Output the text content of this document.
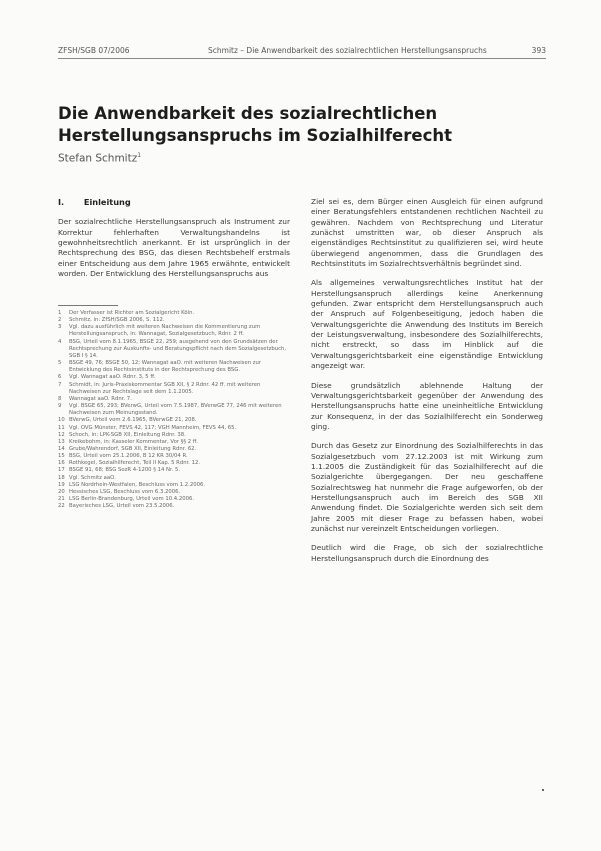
ZFSH/SGB 07/2006	Schmitz – Die Anwendbarkeit des sozialrechtlichen Herstellungsanspruchs	393
Die Anwendbarkeit des sozialrechtlichen
Herstellungsanspruchs im Sozialhilferecht
Stefan Schmitz$^1$
I. Einleitung

Der sozialrechtliche Herstellungsanspruch als Instrument zur Korrektur fehlerhaften Verwaltungshandelns ist gewohnheitsrechtlich anerkannt. Er ist ursprünglich in der Rechtsprechung des BSG, das diesen Rechtsbehelf erstmals einer Entscheidung aus dem Jahre 1965 erwähnte, entwickelt worden. Der Entwicklung des Herstellungsanspruchs aus

1	Der Verfasser ist Richter am Sozialgericht Köln.
2	Schmitz, in: ZfSH/SGB 2006, S. 112.
3	Vgl. dazu ausführlich mit weiteren Nachweisen die Kommentierung zum Herstellungsanspruch, in: Wannagat, Sozialgesetzbuch, Rdnr. 2 ff.
4	BSG, Urteil vom 8.1.1965, BSGE 22, 259; ausgehend von den Grundsätzen der Rechtsprechung zur Auskunfts- und Beratungspflicht nach dem Sozialgesetzbuch, SGB I § 14.
5	BSGE 49, 76; BSGE 50, 12; Wannagat aaO. mit weiteren Nachweisen zur Entwicklung des Rechtsinstituts in der Rechtsprechung des BSG.
6	Vgl. Wannagat aaO. Rdnr. 3, 5 ff.
7	Schmidt, in: Juris-Praxiskommentar SGB XII, § 2 Rdnr. 42 ff. mit weiteren Nachweisen zur Rechtslage seit dem 1.1.2005.
8	Wannagat aaO. Rdnr. 7.
9	Vgl. BSGE 65, 293; BVerwG, Urteil vom 7.5.1987, BVerwGE 77, 246 mit weiteren Nachweisen zum Meinungsstand.
10 BVerwG, Urteil vom 2.6.1965, BVerwGE 21, 208.
11 Vgl. OVG Münster, FEVS 42, 117; VGH Mannheim, FEVS 44, 65.
12 Schoch, in: LPK-SGB XII, Einleitung Rdnr. 38.
13 Kreikebohm, in: Kasseler Kommentar, Vor §§ 2 ff.
14 Grube/Wahrendorf, SGB XII, Einleitung Rdnr. 62.
15 BSG, Urteil vom 25.1.2006, B 12 KR 30/04 R.
16 Rothkegel, Sozialhilferecht, Teil II Kap. 5 Rdnr. 12.
17 BSGE 91, 68; BSG SozR 4-1200 § 14 Nr. 5.
18 Vgl. Schmitz aaO.
19 LSG Nordrhein-Westfalen, Beschluss vom 1.2.2006.
20 Hessisches LSG, Beschluss vom 6.3.2006.
21 LSG Berlin-Brandenburg, Urteil vom 10.4.2006.
22 Bayerisches LSG, Urteil vom 23.5.2006.

Ziel sei es, dem Bürger einen Ausgleich für einen aufgrund einer Beratungsfehlers entstandenen rechtlichen Nachteil zu gewähren. Nachdem von Rechtsprechung und Literatur zunächst umstritten war, ob dieser Anspruch als eigenständiges Rechtsinstitut zu qualifizieren sei, wird heute überwiegend angenommen, dass die Grundlagen des Rechtsinstituts im Sozialrechtsverhältnis begründet sind.

Als allgemeines verwaltungsrechtliches Institut hat der Herstellungsanspruch allerdings keine Anerkennung gefunden. Zwar entspricht dem Herstellungsanspruch auch der Anspruch auf Folgenbeseitigung, jedoch haben die Verwaltungsgerichte die Anwendung des Instituts im Bereich der Leistungsverwaltung, insbesondere des Sozialhilferechts, nicht erstreckt, so dass im Hinblick auf die Verwaltungsgerichtsbarkeit eine eigenständige Entwicklung angezeigt war.

Diese grundsätzlich ablehnende Haltung der Verwaltungsgerichtsbarkeit gegenüber der Anwendung des Herstellungsanspruchs hatte eine uneinheitliche Entwicklung zur Konsequenz, in der das Sozialhilferecht ein Sonderweg ging.

Durch das Gesetz zur Einordnung des Sozialhilferechts in das Sozialgesetzbuch vom 27.12.2003 ist mit Wirkung zum 1.1.2005 die Zuständigkeit für das Sozialhilferecht auf die Sozialgerichte übergegangen. Der neu geschaffene Sozialrechtsweg hat nunmehr die Frage aufgeworfen, ob der Herstellungsanspruch auch im Bereich des SGB XII Anwendung findet. Die Sozialgerichte werden sich seit dem Jahre 2005 mit dieser Frage zu befassen haben, wobei zunächst nur vereinzelt Entscheidungen vorliegen.

Deutlich wird die Frage, ob sich der sozialrechtliche Herstellungsanspruch durch die Einordnung des
